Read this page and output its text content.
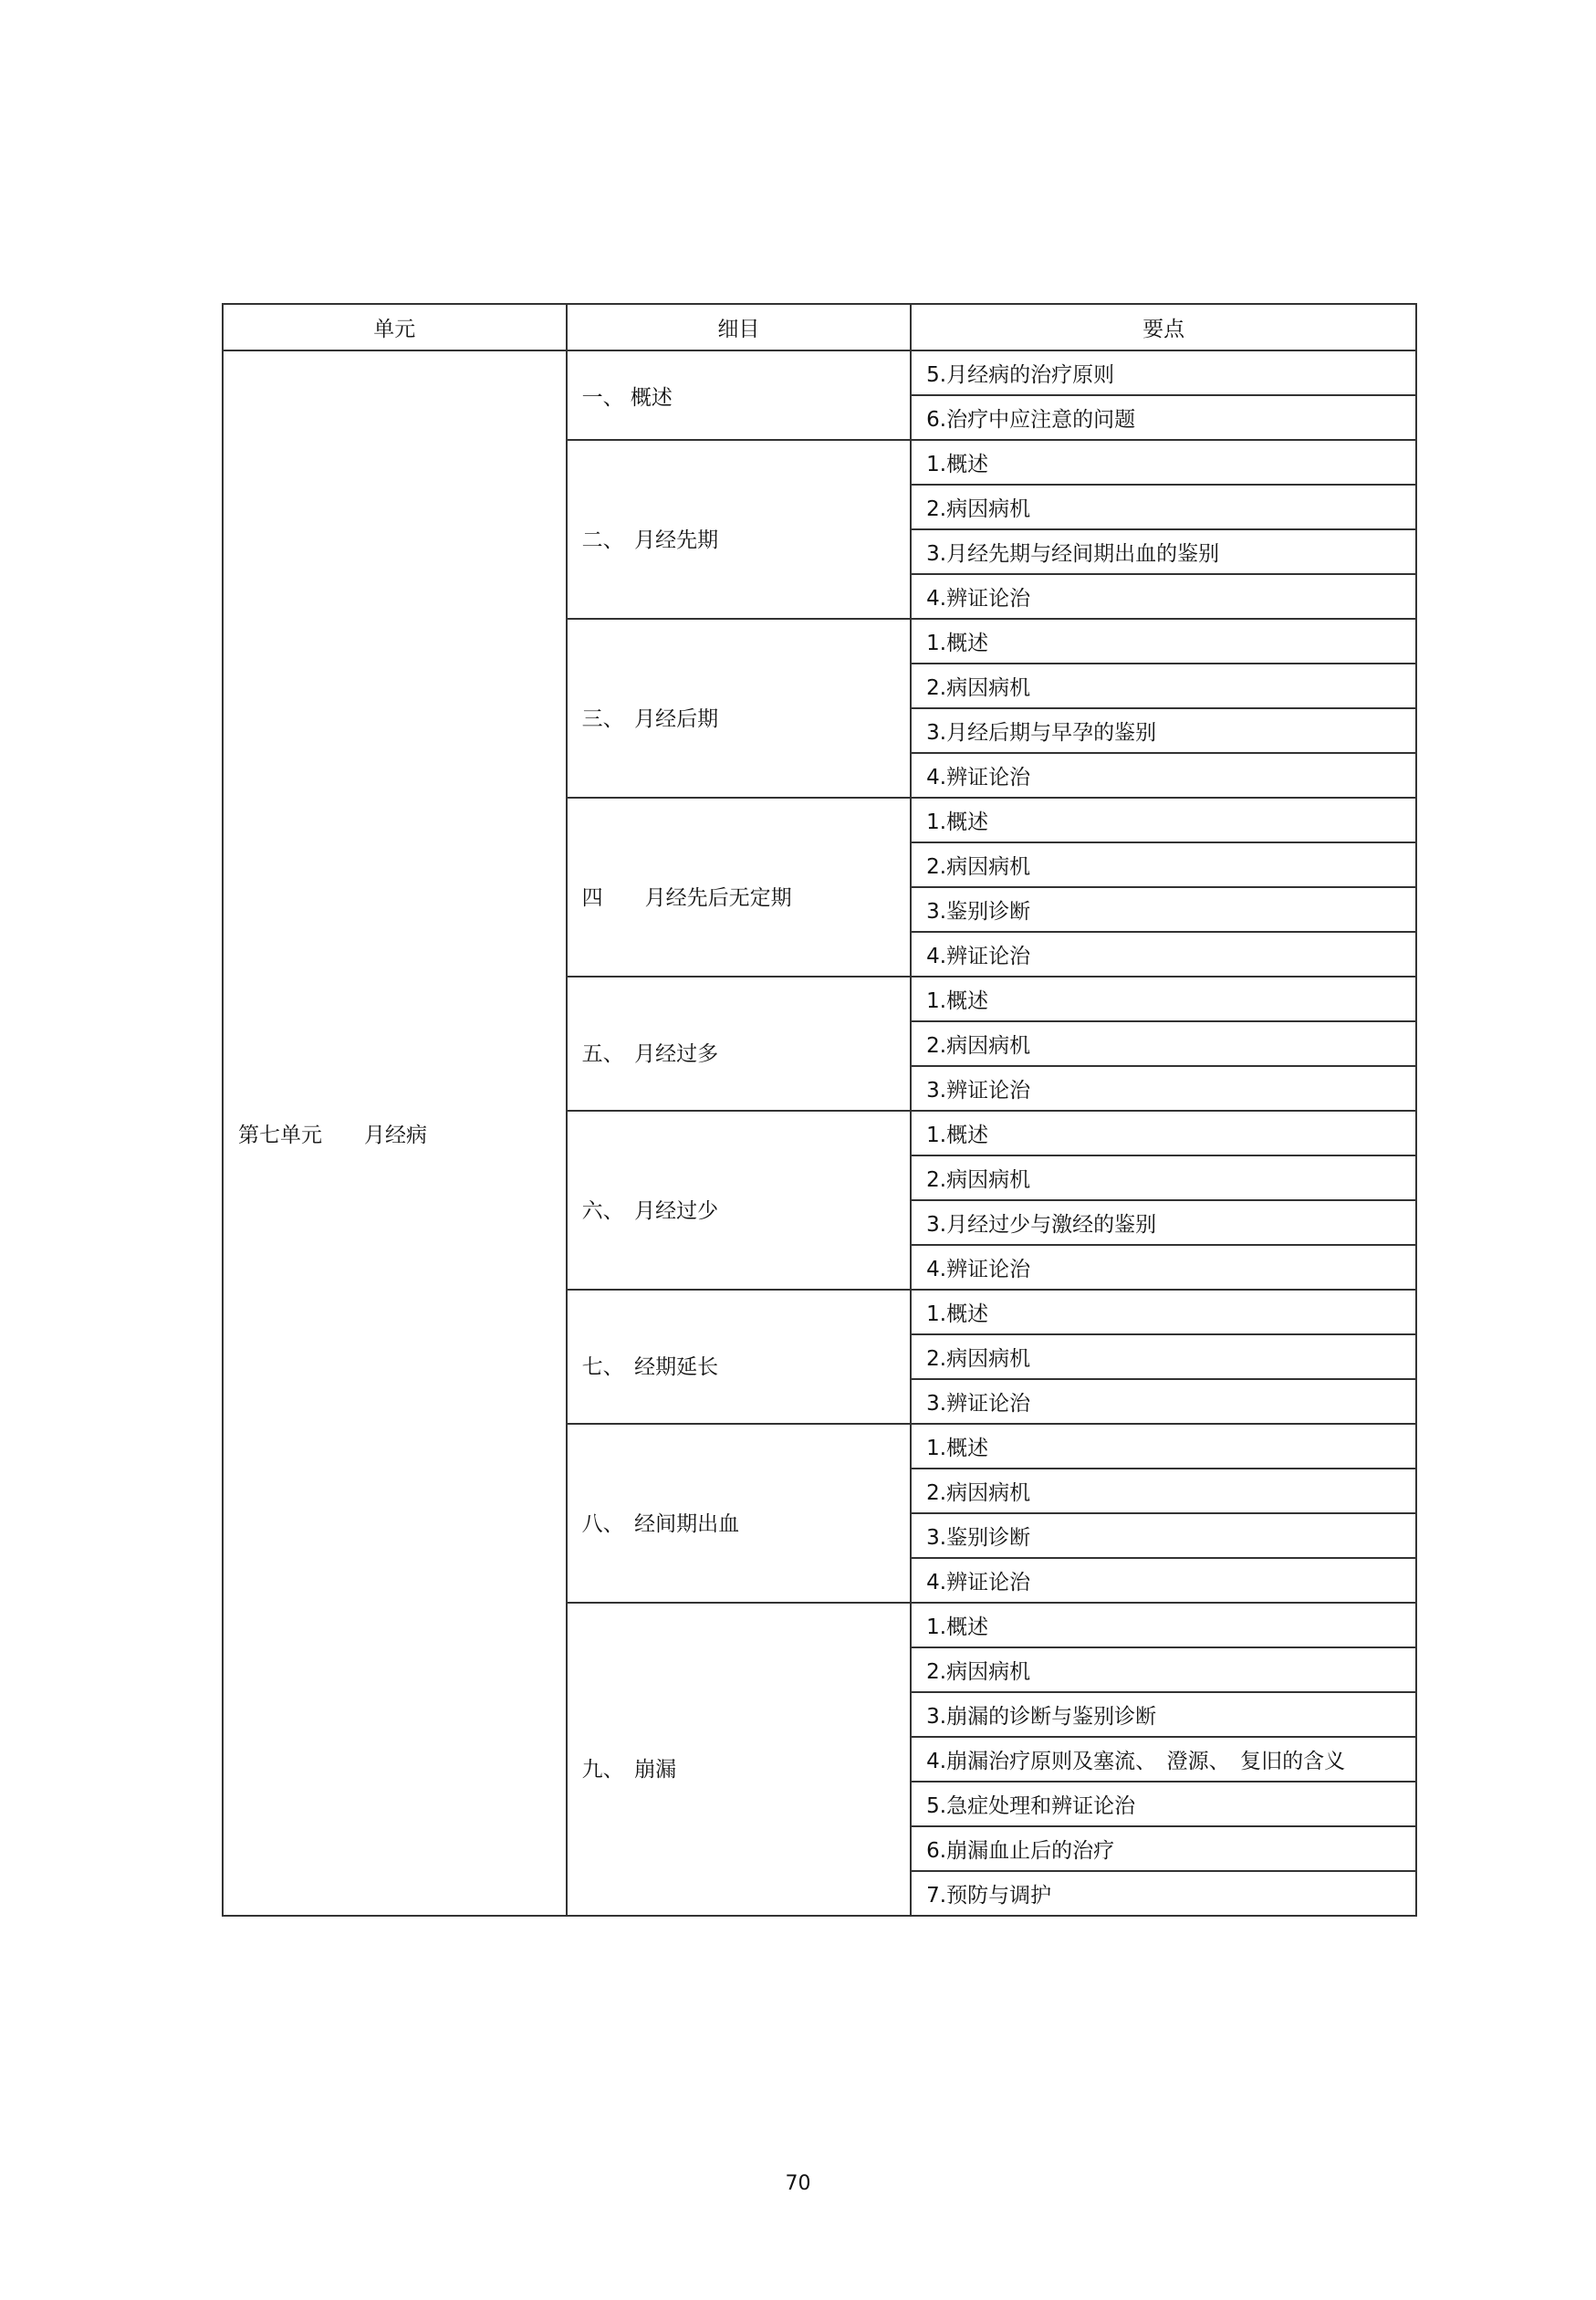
单元	细目	要点
第七单元　　月经病	一、 概述	5.月经病的治疗原则
		6.治疗中应注意的问题
	二、　月经先期	1.概述
		2.病因病机
		3.月经先期与经间期出血的鉴别
		4.辨证论治
	三、　月经后期	1.概述
		2.病因病机
		3.月经后期与早孕的鉴别
		4.辨证论治
	四　　月经先后无定期	1.概述
		2.病因病机
		3.鉴别诊断
		4.辨证论治
	五、　月经过多	1.概述
		2.病因病机
		3.辨证论治
	六、　月经过少	1.概述
		2.病因病机
		3.月经过少与激经的鉴别
		4.辨证论治
	七、　经期延长	1.概述
		2.病因病机
		3.辨证论治
	八、　经间期出血	1.概述
		2.病因病机
		3.鉴别诊断
		4.辨证论治
	九、　崩漏	1.概述
		2.病因病机
		3.崩漏的诊断与鉴别诊断
		4.崩漏治疗原则及塞流、　澄源、　复旧的含义
		5.急症处理和辨证论治
		6.崩漏血止后的治疗
		7.预防与调护
70
